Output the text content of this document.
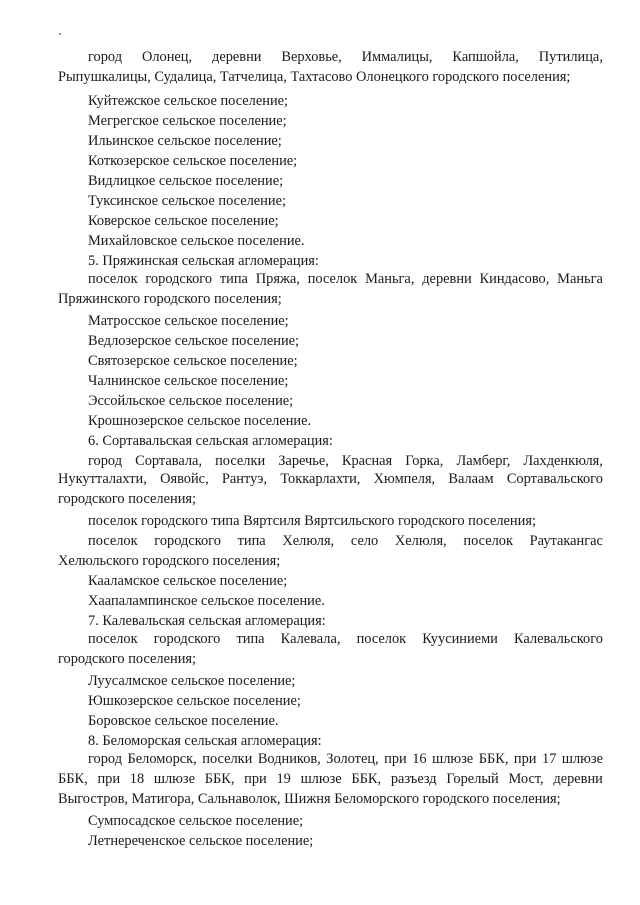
город Олонец, деревни Верховье, Иммалицы, Капшойла, Путилица,

Рыпушкалицы, Судалица, Татчелица, Тахтасово Олонецкого городского поселения;

Куйтежское сельское поселение;

Мегрегское сельское поселение;

Ильинское сельское поселение;

Коткозерское сельское поселение;

Видлицкое сельское поселение;

Туксинское сельское поселение;

Коверское сельское поселение;

Михайловское сельское поселение.

5. Пряжинская сельская агломерация:

поселок городского типа Пряжа, поселок Маньга, деревни Киндасово, Маньга

Пряжинского городского поселения;

Матросское сельское поселение;

Ведлозерское сельское поселение;

Святозерское сельское поселение;

Чалнинское сельское поселение;

Эссойльское сельское поселение;

Крошнозерское сельское поселение.

6. Сортавальская сельская агломерация:

город Сортавала, поселки Заречье, Красная Горка, Ламберг, Лахденкюля,

Нукутталахти, Оявойс, Рантуэ, Токкарлахти, Хюмпеля, Валаам Сортавальского

городского поселения;

поселок городского типа Вяртсиля Вяртсильского городского поселения;

поселок городского типа Хелюля, село Хелюля, поселок Раутакангас

Хелюльского городского поселения;

Кааламское сельское поселение;

Хаапалампинское сельское поселение.

7. Калевальская сельская агломерация:

поселок городского типа Калевала, поселок Куусиниеми Калевальского

городского поселения;

Луусалмское сельское поселение;

Юшкозерское сельское поселение;

Боровское сельское поселение.

8. Беломорская сельская агломерация:

город Беломорск, поселки Водников, Золотец, при 16 шлюзе ББК, при 17 шлюзе

ББК, при 18 шлюзе ББК, при 19 шлюзе ББК, разъезд Горелый Мост, деревни

Выгостров, Матигора, Сальнаволок, Шижня Беломорского городского поселения;

Сумпосадское сельское поселение;

Летнереченское сельское поселение;
